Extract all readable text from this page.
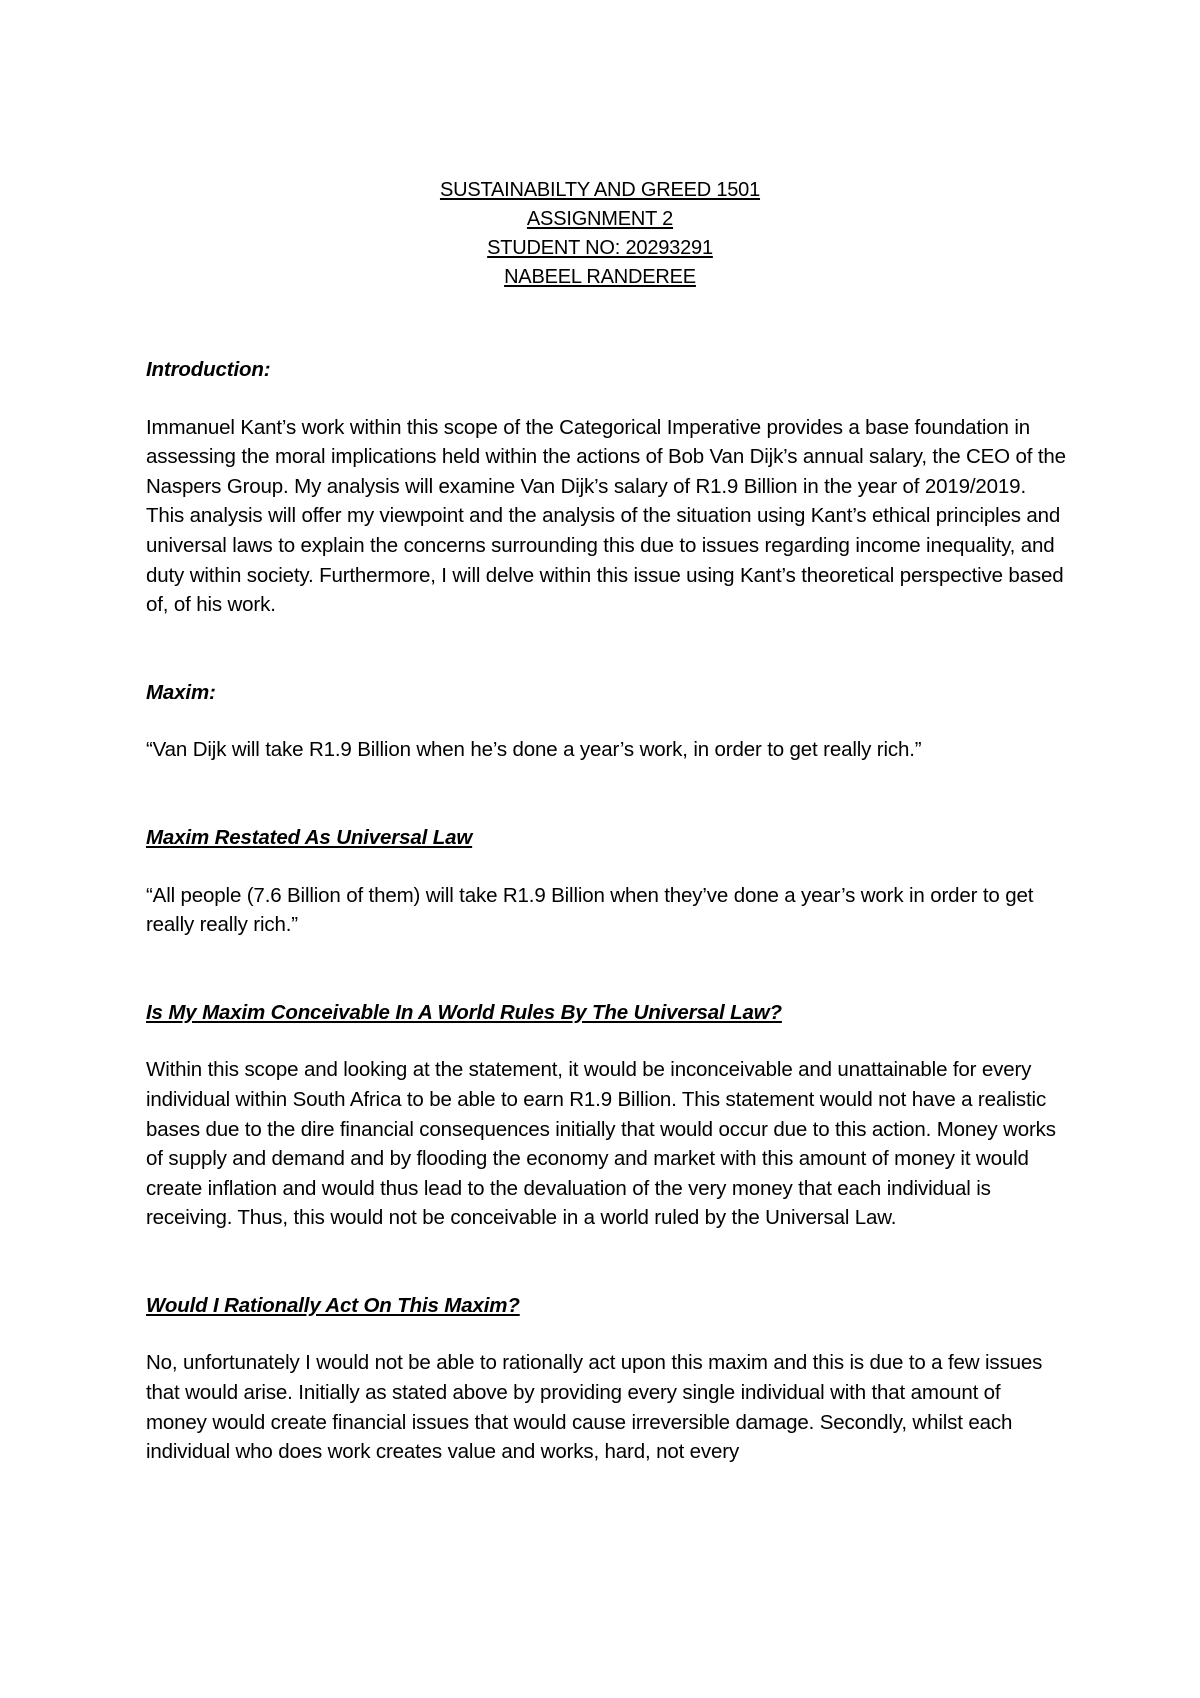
SUSTAINABILTY AND GREED 1501
ASSIGNMENT 2
STUDENT NO: 20293291
NABEEL RANDEREE

Introduction:

Immanuel Kant’s work within this scope of the Categorical Imperative provides a base foundation in assessing the moral implications held within the actions of Bob Van Dijk’s annual salary, the CEO of the Naspers Group. My analysis will examine Van Dijk’s salary of R1.9 Billion in the year of 2019/2019. This analysis will offer my viewpoint and the analysis of the situation using Kant’s ethical principles and universal laws to explain the concerns surrounding this due to issues regarding income inequality, and duty within society. Furthermore, I will delve within this issue using Kant’s theoretical perspective based of, of his work.

Maxim:

“Van Dijk will take R1.9 Billion when he’s done a year’s work, in order to get really rich.”

Maxim Restated As Universal Law

“All people (7.6 Billion of them) will take R1.9 Billion when they’ve done a year’s work in order to get really really rich.”

Is My Maxim Conceivable In A World Rules By The Universal Law?

Within this scope and looking at the statement, it would be inconceivable and unattainable for every individual within South Africa to be able to earn R1.9 Billion. This statement would not have a realistic bases due to the dire financial consequences initially that would occur due to this action. Money works of supply and demand and by flooding the economy and market with this amount of money it would create inflation and would thus lead to the devaluation of the very money that each individual is receiving. Thus, this would not be conceivable in a world ruled by the Universal Law.

Would I Rationally Act On This Maxim?

No, unfortunately I would not be able to rationally act upon this maxim and this is due to a few issues that would arise. Initially as stated above by providing every single individual with that amount of money would create financial issues that would cause irreversible damage. Secondly, whilst each individual who does work creates value and works, hard, not every
